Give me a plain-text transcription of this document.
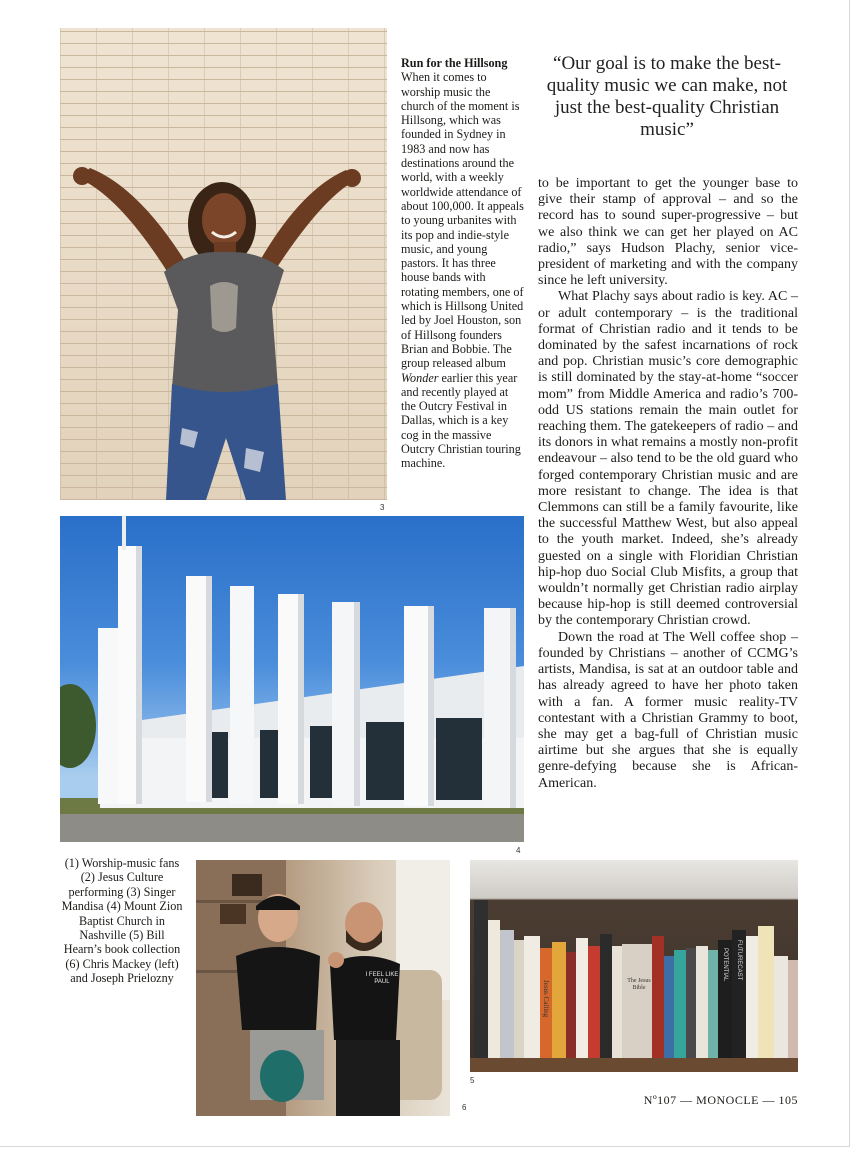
3
Run for the Hillsong
When it comes to worship music the church of the moment is Hillsong, which was founded in Sydney in 1983 and now has destinations around the world, with a weekly worldwide attendance of about 100,000. It appeals to young urbanites with its pop and indie-style music, and young pastors. It has three house bands with rotating members, one of which is Hillsong United led by Joel Houston, son of Hillsong founders Brian and Bobbie. The group released album Wonder earlier this year and recently played at the Outcry Festival in Dallas, which is a key cog in the massive Outcry Christian touring machine.
“Our goal is to make the best-quality music we can make, not just the best-quality Christian music”

to be important to get the younger base to give their stamp of approval – and so the record has to sound super-progressive – but we also think we can get her played on AC radio,” says Hudson Plachy, senior vice-president of marketing and with the company since he left university.

What Plachy says about radio is key. AC – or adult contemporary – is the traditional format of Christian radio and it tends to be dominated by the safest incarnations of rock and pop. Christian music’s core demographic is still dominated by the stay-at-home “soccer mom” from Middle America and radio’s 700-odd US stations remain the main outlet for reaching them. The gatekeepers of radio – and its donors in what remains a mostly non-profit endeavour – also tend to be the old guard who forged contemporary Christian music and are more resistant to change. The idea is that Clemmons can still be a family favourite, like the successful Matthew West, but also appeal to the youth market. Indeed, she’s already guested on a single with Floridian Christian hip-hop duo Social Club Misfits, a group that wouldn’t normally get Christian radio airplay because hip-hop is still deemed controversial by the contemporary Christian crowd.

Down the road at The Well coffee shop – founded by Christians – another of CCMG’s artists, Mandisa, is sat at an outdoor table and has already agreed to have her photo taken with a fan. A former music reality-TV contestant with a Christian Grammy to boot, she may get a bag-full of Christian music airtime but she argues that she is equally genre-defying because she is African-American.

4
(1) Worship-music fans (2) Jesus Culture performing (3) Singer Mandisa (4) Mount Zion Baptist Church in Nashville (5) Bill Hearn’s book collection (6) Chris Mackey (left) and Joseph Prielozny	I FEEL LIKE PAUL
6
Jesus Calling	The Jesus Bible
POTENTIAL FUTURECAST
5
Nº107 — MONOCLE — 105
